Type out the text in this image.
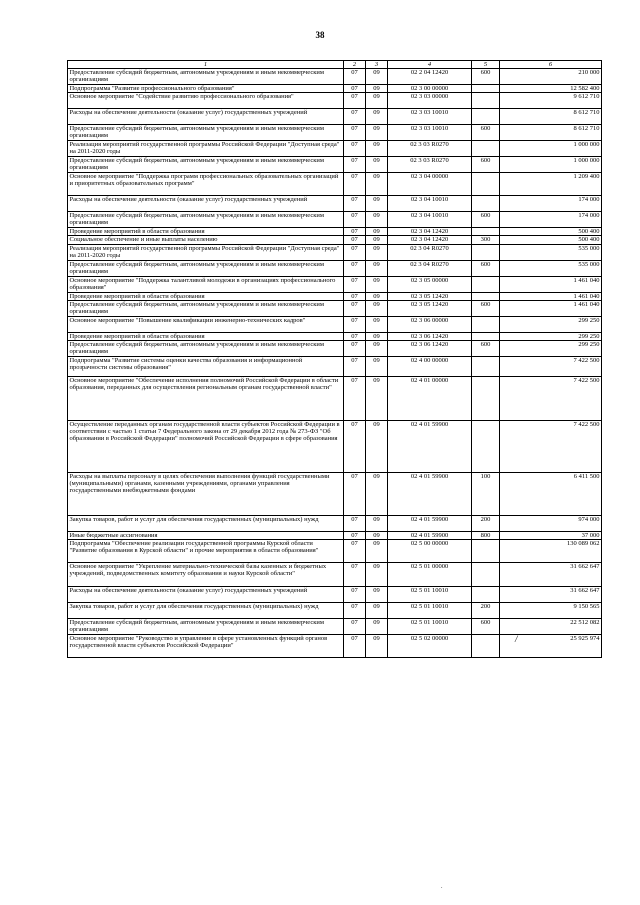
38
1	2	3	4	5	6
Предоставление субсидий бюджетным, автономным учреждениям и иным некоммерческим организациям	07	09	02 2 04 12420	600	210 000
Подпрограмма "Развитие профессионального образования"	07	09	02 3 00 00000		12 582 400
Основное мероприятие "Содействие развитию профессионального образования"	07	09	02 3 03 00000		9 612 710
Расходы на обеспечение деятельности (оказание услуг) государственных учреждений	07	09	02 3 03 10010		8 612 710
Предоставление субсидий бюджетным, автономным учреждениям и иным некоммерческим организациям	07	09	02 3 03 10010	600	8 612 710
Реализация мероприятий государственной программы Российской Федерации "Доступная среда" на 2011-2020 годы	07	09	02 3 03 R0270		1 000 000
Предоставление субсидий бюджетным, автономным учреждениям и иным некоммерческим организациям	07	09	02 3 03 R0270	600	1 000 000
Основное мероприятие "Поддержка программ профессиональных образовательных организаций и приоритетных образовательных программ"	07	09	02 3 04 00000		1 209 400
Расходы на обеспечение деятельности (оказание услуг) государственных учреждений	07	09	02 3 04 10010		174 000
Предоставление субсидий бюджетным, автономным учреждениям и иным некоммерческим организациям	07	09	02 3 04 10010	600	174 000
Проведение мероприятий в области образования	07	09	02 3 04 12420		500 400
Социальное обеспечение и иные выплаты населению	07	09	02 3 04 12420	300	500 400
Реализация мероприятий государственной программы Российской Федерации "Доступная среда" на 2011-2020 годы	07	09	02 3 04 R0270		535 000
Предоставление субсидий бюджетным, автономным учреждениям и иным некоммерческим организациям	07	09	02 3 04 R0270	600	535 000
Основное мероприятие "Поддержка талантливой молодежи в организациях профессионального образования"	07	09	02 3 05 00000		1 461 040
Проведение мероприятий в области образования	07	09	02 3 05 12420		1 461 040
Предоставление субсидий бюджетным, автономным учреждениям и иным некоммерческим организациям	07	09	02 3 05 12420	600	1 461 040
Основное мероприятие "Повышение квалификации инженерно-технических кадров"	07	09	02 3 06 00000		299 250
Проведение мероприятий в области образования	07	09	02 3 06 12420		299 250
Предоставление субсидий бюджетным, автономным учреждениям и иным некоммерческим организациям	07	09	02 3 06 12420	600	299 250
Подпрограмма "Развитие системы оценки качества образования и информационной прозрачности системы образования"	07	09	02 4 00 00000		7 422 500
Основное мероприятие "Обеспечение исполнения полномочий Российской Федерации в области образования, переданных для осуществления региональным органам государственной власти"	07	09	02 4 01 00000		7 422 500
Осуществление переданных органам государственной власти субъектов Российской Федерации в соответствии с частью 1 статьи 7 Федерального закона от 29 декабря 2012 года № 273-ФЗ "Об образовании в Российской Федерации" полномочий Российской Федерации в сфере образования	07	09	02 4 01 59900		7 422 500
Расходы на выплаты персоналу в целях обеспечения выполнения функций государственными (муниципальными) органами, казенными учреждениями, органами управления государственными внебюджетными фондами	07	09	02 4 01 59900	100	6 411 500
Закупка товаров, работ и услуг для обеспечения государственных (муниципальных) нужд	07	09	02 4 01 59900	200	974 000
Иные бюджетные ассигнования	07	09	02 4 01 59900	800	37 000
Подпрограмма "Обеспечение реализации государственной программы Курской области "Развитие образования в Курской области" и прочие мероприятия в области образования"	07	09	02 5 00 00000		130 089 062
Основное мероприятие "Укрепление материально-технической базы казенных и бюджетных учреждений, подведомственных комитету образования и науки Курской области"	07	09	02 5 01 00000		31 662 647
Расходы на обеспечение деятельности (оказание услуг) государственных учреждений	07	09	02 5 01 10010		31 662 647
Закупка товаров, работ и услуг для обеспечения государственных (муниципальных) нужд	07	09	02 5 01 10010	200	9 150 565
Предоставление субсидий бюджетным, автономным учреждениям и иным некоммерческим организациям	07	09	02 5 01 10010	600	22 512 082
Основное мероприятие "Руководство и управление в сфере установленных функций органов государственной власти субъектов Российской Федерации"	07	09	02 5 02 00000		25 925 974
/
.
